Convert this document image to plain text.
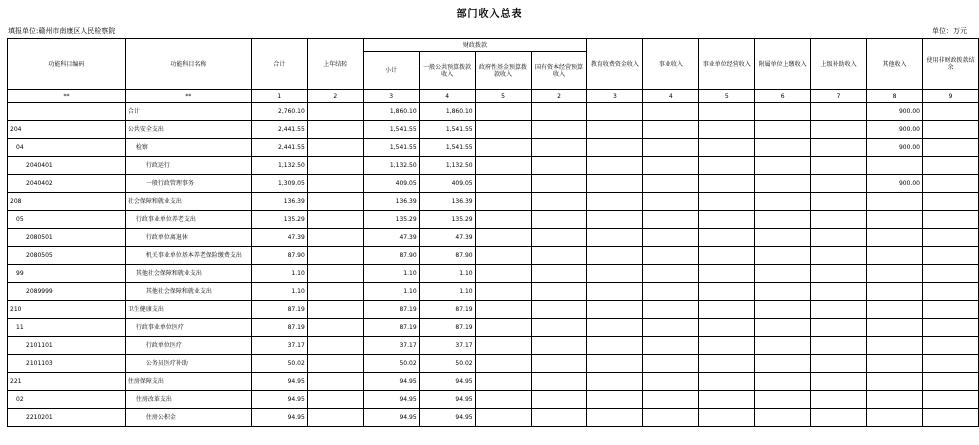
部门收入总表
填报单位:赣州市南康区人民检察院	单位：万元
功能科目编码	功能科目名称	合计	上年结转	财政拨款				教育收费资金收入	事业收入	事业单位经营收入	附属单位上缴收入	上级补助收入	其他收入	使用非财政拨款结余
				小计	一般公共预算拨款收入	政府性基金预算拨款收入	国有资本经营预算收入							
**	**	1	2	3	4	5	2	3	4	5	6	7	8	9
	合计	2,760.10		1,860.10	1,860.10								900.00	
204	公共安全支出	2,441.55		1,541.55	1,541.55								900.00	
04	检察	2,441.55		1,541.55	1,541.55								900.00	
2040401	行政运行	1,132.50		1,132.50	1,132.50									
2040402	一般行政管理事务	1,309.05		409.05	409.05								900.00	
208	社会保障和就业支出	136.39		136.39	136.39									
05	行政事业单位养老支出	135.29		135.29	135.29									
2080501	行政单位离退休	47.39		47.39	47.39									
2080505	机关事业单位基本养老保险缴费支出	87.90		87.90	87.90									
99	其他社会保障和就业支出	1.10		1.10	1.10									
2089999	其他社会保障和就业支出	1.10		1.10	1.10									
210	卫生健康支出	87.19		87.19	87.19									
11	行政事业单位医疗	87.19		87.19	87.19									
2101101	行政单位医疗	37.17		37.17	37.17									
2101103	公务员医疗补助	50.02		50.02	50.02									
221	住房保障支出	94.95		94.95	94.95									
02	住房改革支出	94.95		94.95	94.95									
2210201	住房公积金	94.95		94.95	94.95									
